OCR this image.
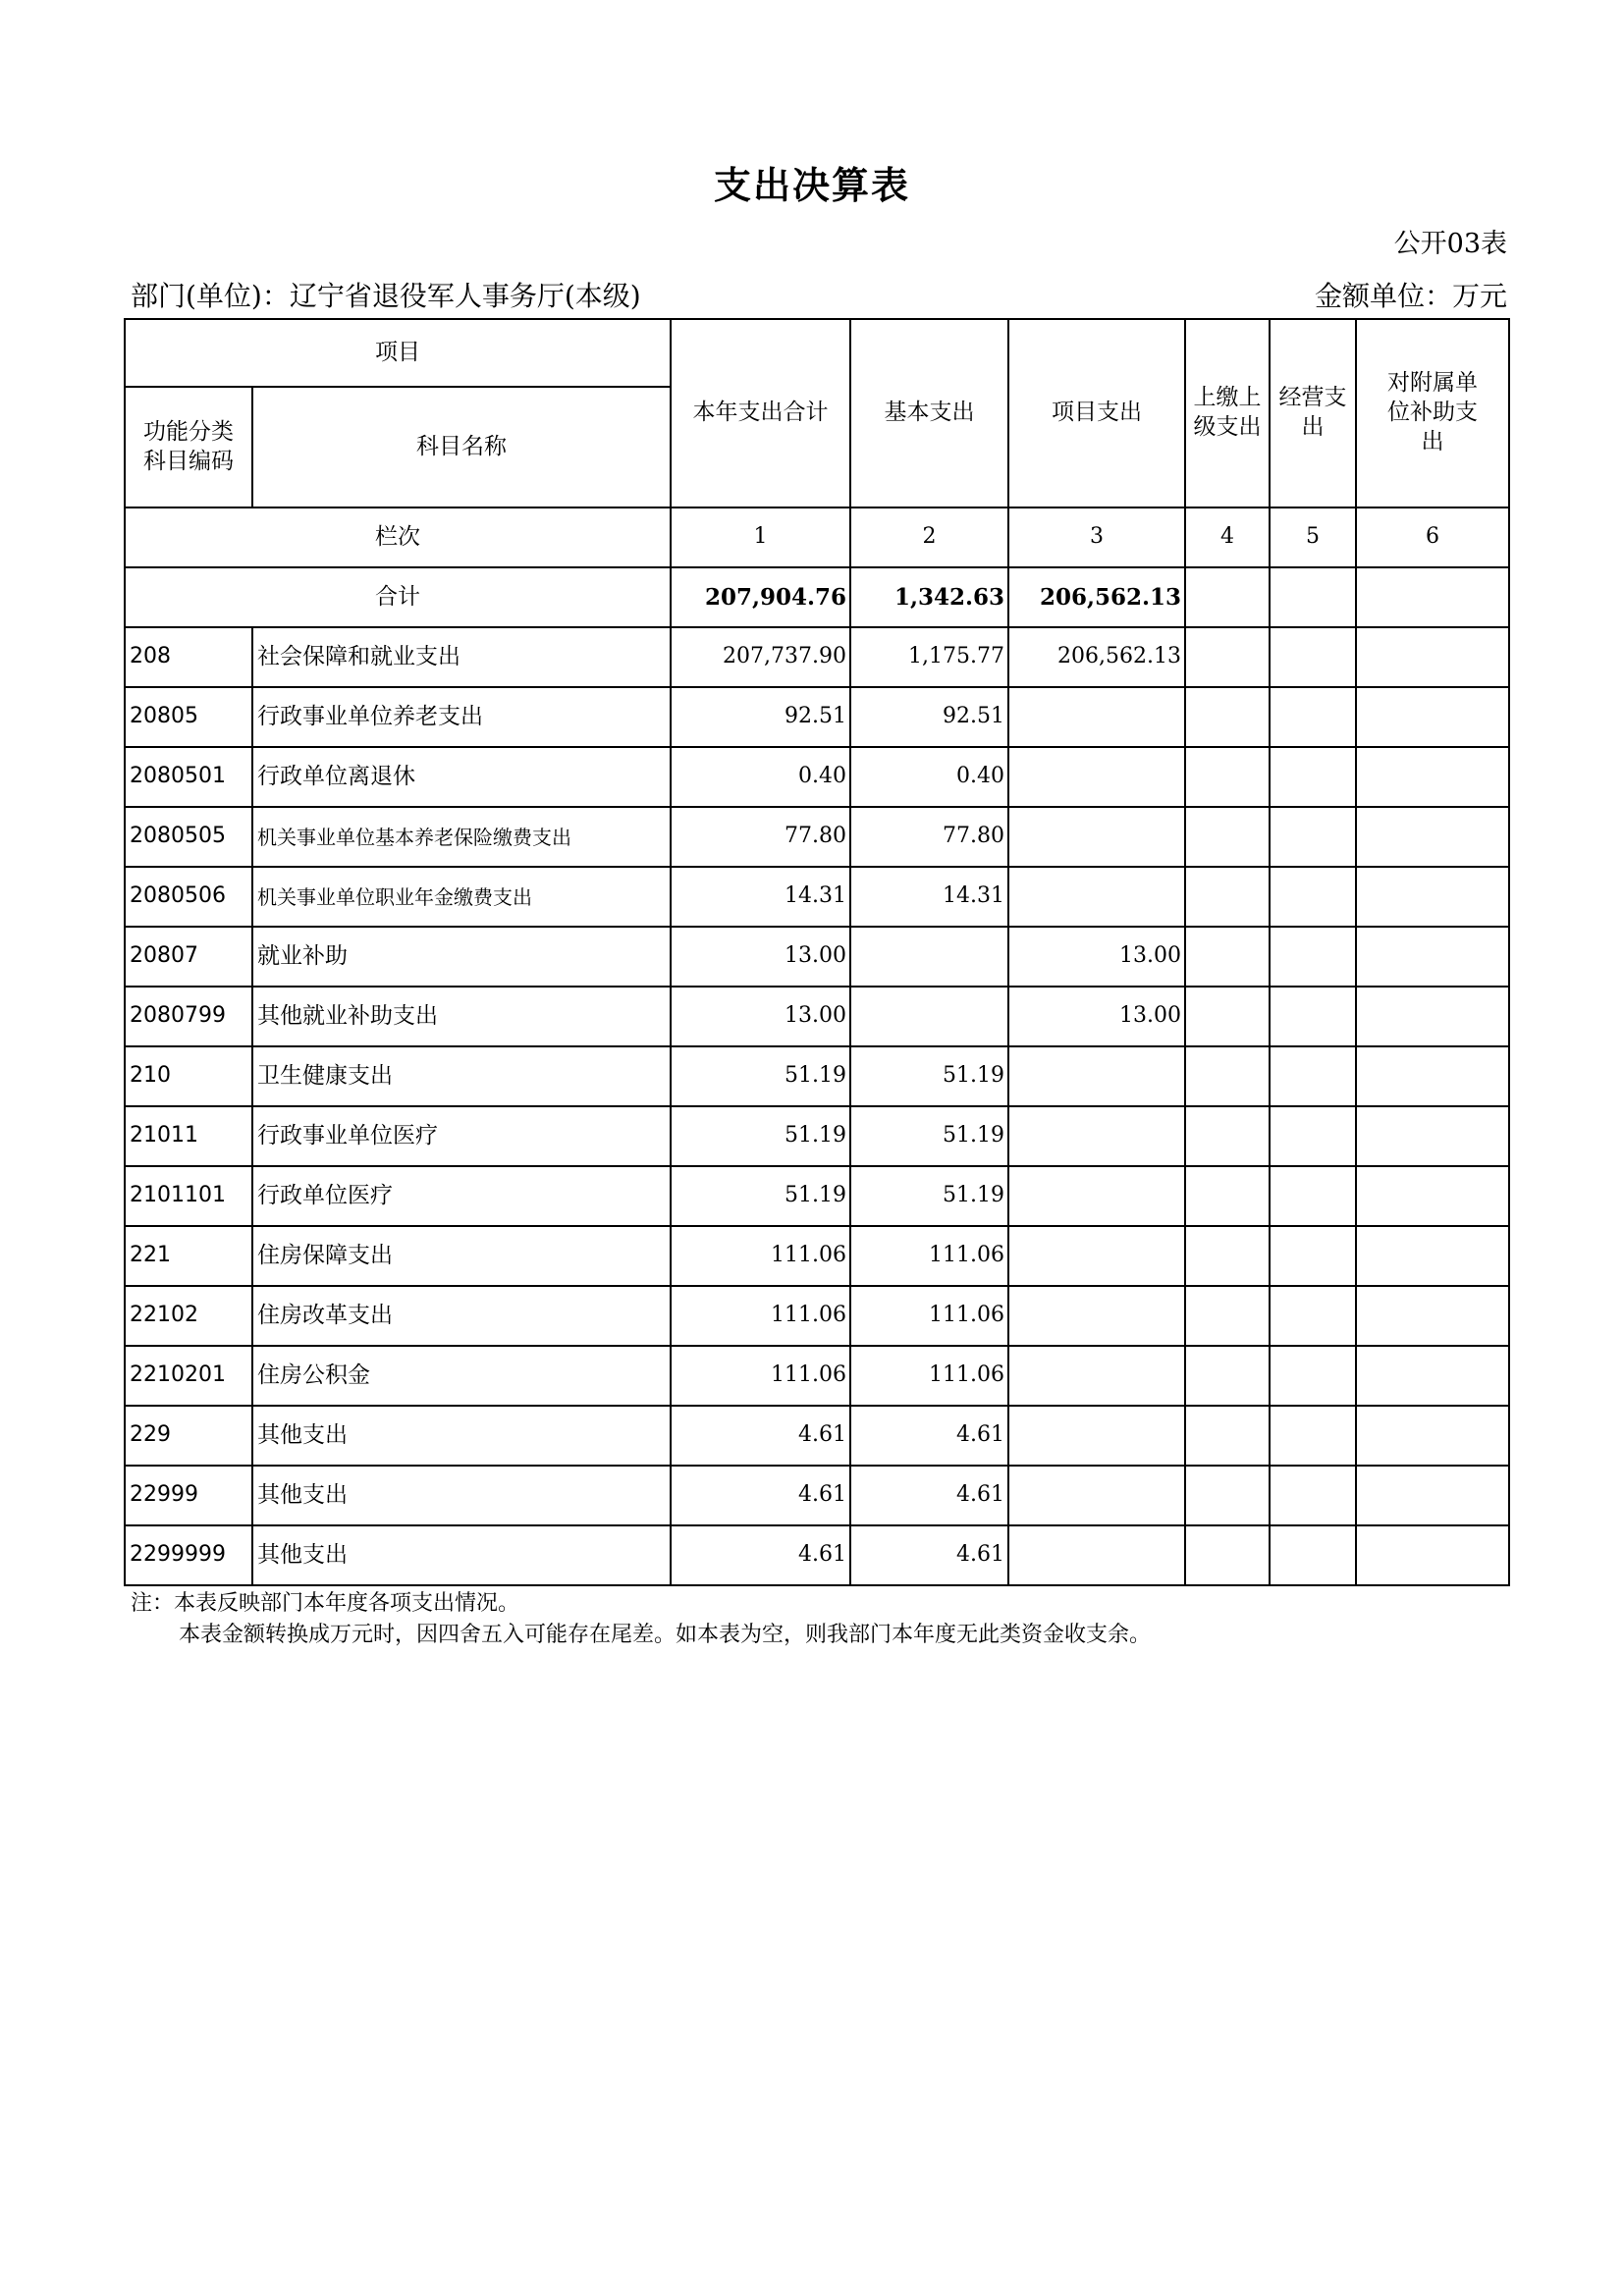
支出决算表
公开03表
部门(单位)：辽宁省退役军人事务厅(本级)	金额单位：万元
项目		本年支出合计	基本支出	项目支出	上缴上级支出	经营支出	对附属单位补助支出
功能分类科目编码	科目名称						
栏次		1	2	3	4	5	6
合计		207,904.76	1,342.63	206,562.13			
208	社会保障和就业支出	207,737.90	1,175.77	206,562.13			
20805	行政事业单位养老支出	92.51	92.51				
2080501	行政单位离退休	0.40	0.40				
2080505	机关事业单位基本养老保险缴费支出	77.80	77.80				
2080506	机关事业单位职业年金缴费支出	14.31	14.31				
20807	就业补助	13.00		13.00			
2080799	其他就业补助支出	13.00		13.00			
210	卫生健康支出	51.19	51.19				
21011	行政事业单位医疗	51.19	51.19				
2101101	行政单位医疗	51.19	51.19				
221	住房保障支出	111.06	111.06				
22102	住房改革支出	111.06	111.06				
2210201	住房公积金	111.06	111.06				
229	其他支出	4.61	4.61				
22999	其他支出	4.61	4.61				
2299999	其他支出	4.61	4.61				
注：本表反映部门本年度各项支出情况。
本表金额转换成万元时，因四舍五入可能存在尾差。如本表为空，则我部门本年度无此类资金收支余。
